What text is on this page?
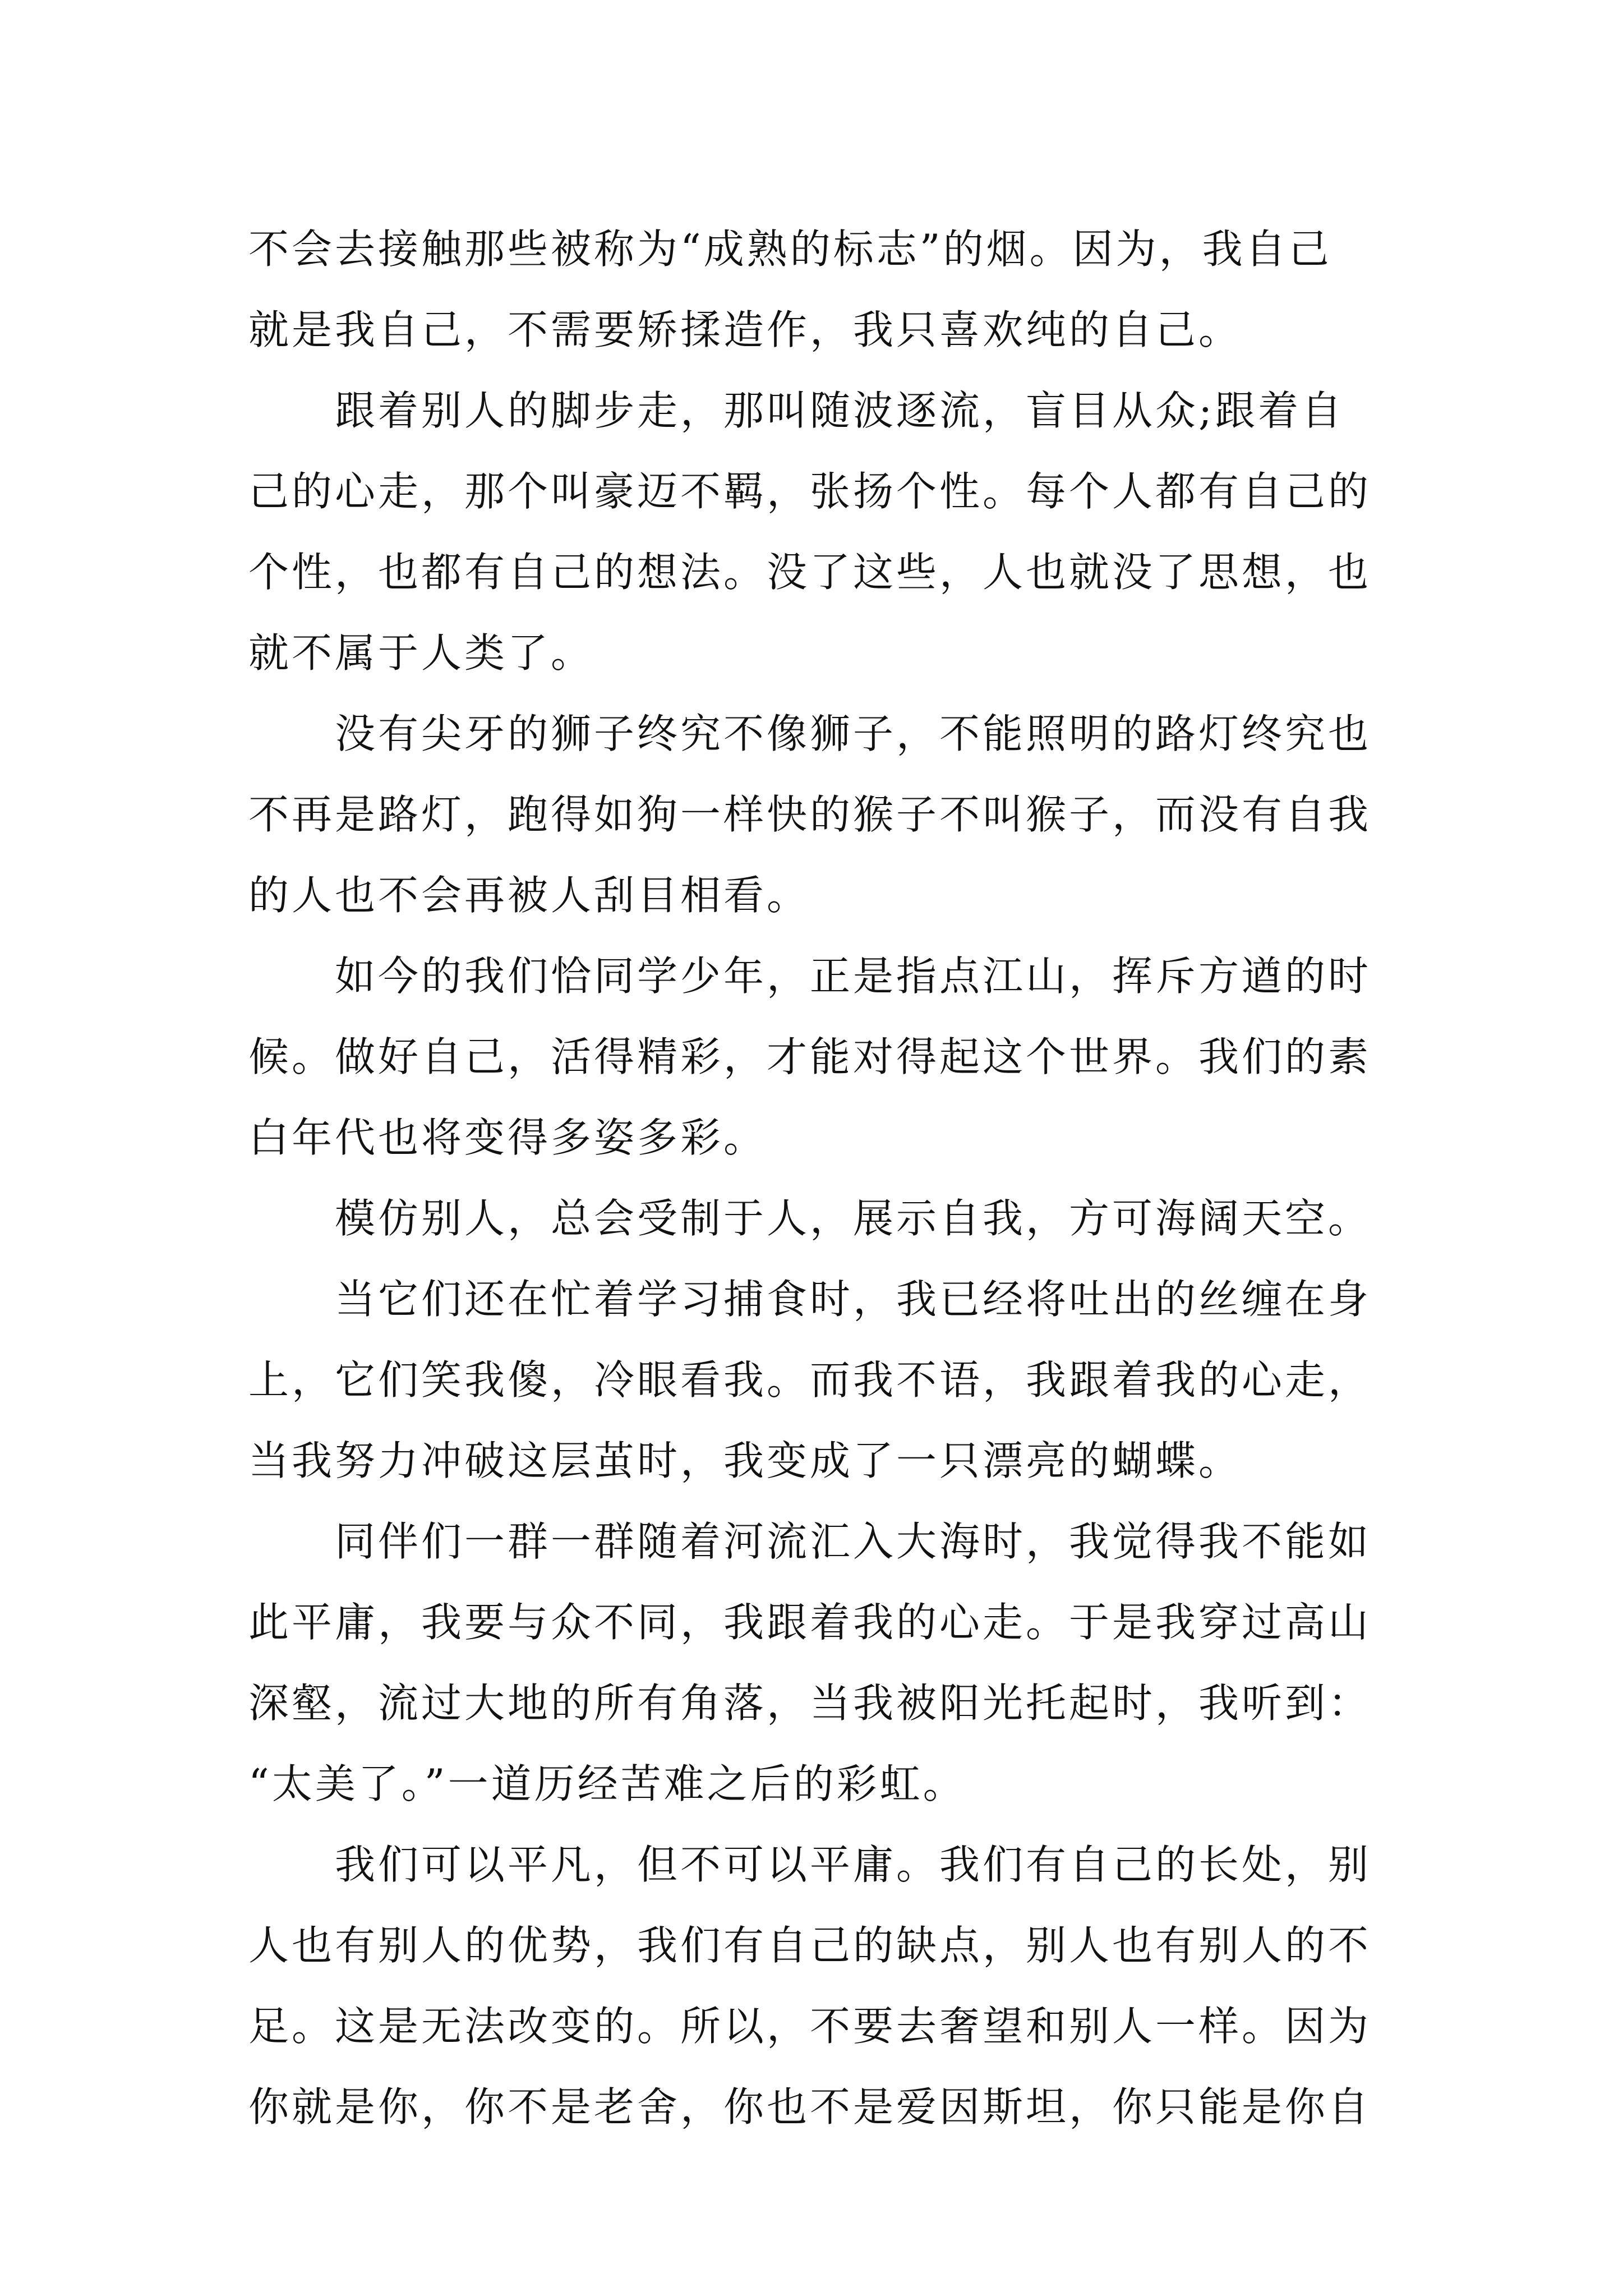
不会去接触那些被称为“成熟的标志”的烟。因为，我自己
就是我自己，不需要矫揉造作，我只喜欢纯的自己。
跟着别人的脚步走，那叫随波逐流，盲目从众;跟着自
己的心走，那个叫豪迈不羁，张扬个性。每个人都有自己的
个性，也都有自己的想法。没了这些，人也就没了思想，也
就不属于人类了。
没有尖牙的狮子终究不像狮子，不能照明的路灯终究也
不再是路灯，跑得如狗一样快的猴子不叫猴子，而没有自我
的人也不会再被人刮目相看。
如今的我们恰同学少年，正是指点江山，挥斥方遒的时
候。做好自己，活得精彩，才能对得起这个世界。我们的素
白年代也将变得多姿多彩。
模仿别人，总会受制于人，展示自我，方可海阔天空。
当它们还在忙着学习捕食时，我已经将吐出的丝缠在身
上，它们笑我傻，冷眼看我。而我不语，我跟着我的心走，
当我努力冲破这层茧时，我变成了一只漂亮的蝴蝶。
同伴们一群一群随着河流汇入大海时，我觉得我不能如
此平庸，我要与众不同，我跟着我的心走。于是我穿过高山
深壑，流过大地的所有角落，当我被阳光托起时，我听到：
“太美了。”一道历经苦难之后的彩虹。
我们可以平凡，但不可以平庸。我们有自己的长处，别
人也有别人的优势，我们有自己的缺点，别人也有别人的不
足。这是无法改变的。所以，不要去奢望和别人一样。因为
你就是你，你不是老舍，你也不是爱因斯坦，你只能是你自
